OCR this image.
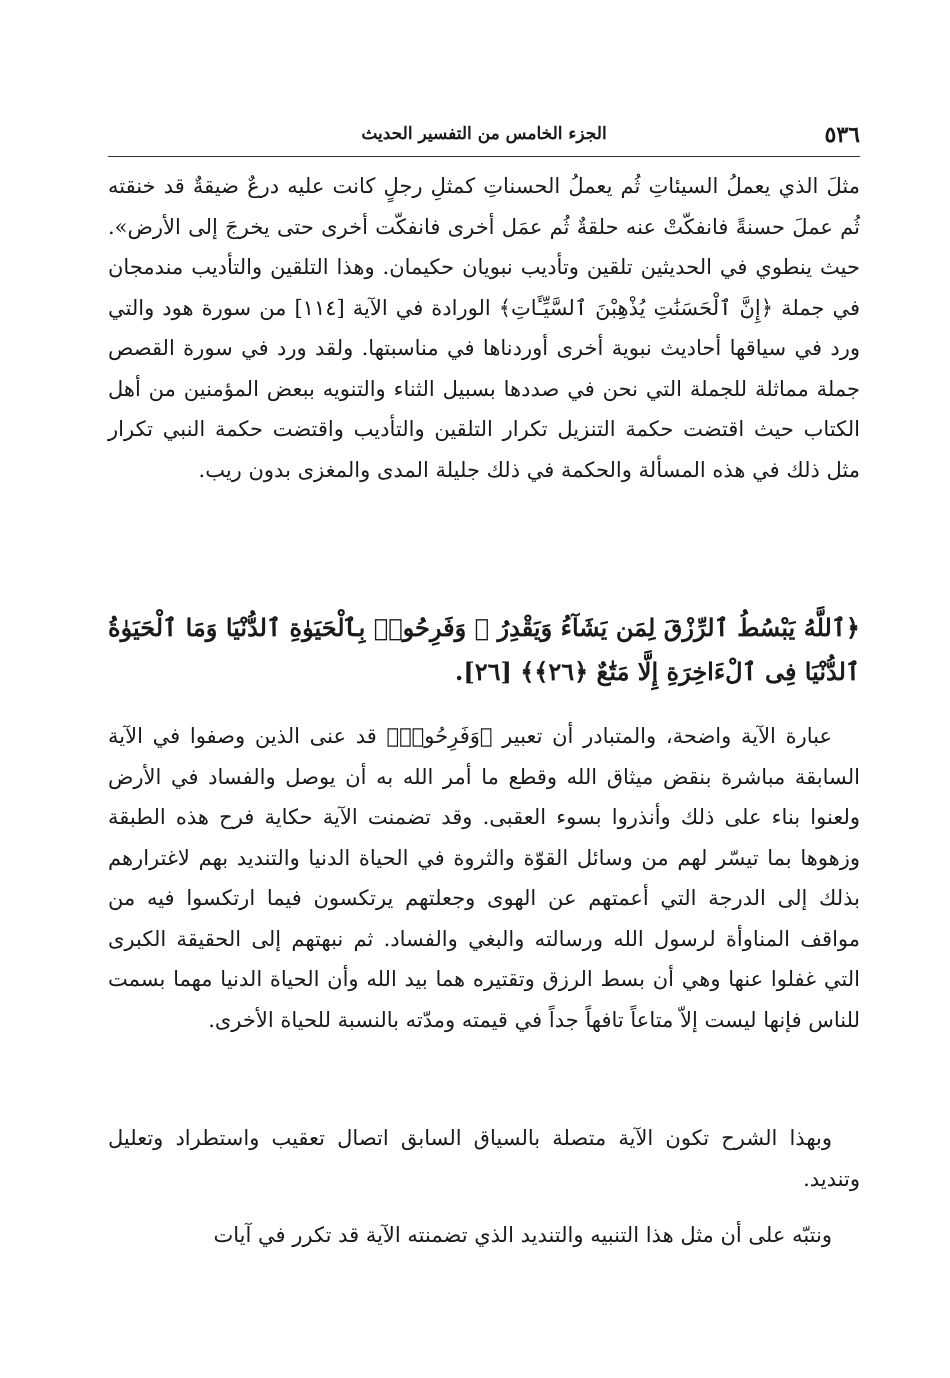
٥٣٦
الجزء الخامس من التفسير الحديث

مثلَ الذي يعملُ السيئاتِ ثُم يعملُ الحسناتِ كمثلِ رجلٍ كانت عليه درعٌ ضيقةٌ قد خنقته ثُم عملَ حسنةً فانفكّتْ عنه حلقةٌ ثُم عمَل أخرى فانفكّت أخرى حتى يخرجَ إلى الأرض». حيث ينطوي في الحديثين تلقين وتأديب نبويان حكيمان. وهذا التلقين والتأديب مندمجان في جملة ﴿إِنَّ ٱلْحَسَنَٰتِ يُذْهِبْنَ ٱلسَّيِّـَٔاتِ﴾ الورادة في الآية [١١٤] من سورة هود والتي ورد في سياقها أحاديث نبوية أخرى أوردناها في مناسبتها. ولقد ورد في سورة القصص جملة مماثلة للجملة التي نحن في صددها بسبيل الثناء والتنويه ببعض المؤمنين من أهل الكتاب حيث اقتضت حكمة التنزيل تكرار التلقين والتأديب واقتضت حكمة النبي تكرار مثل ذلك في هذه المسألة والحكمة في ذلك جليلة المدى والمغزى بدون ريب.

﴿ٱللَّهُ يَبْسُطُ ٱلرِّزْقَ لِمَن يَشَآءُ وَيَقْدِرُ ۚ وَفَرِحُوا۟ بِٱلْحَيَوٰةِ ٱلدُّنْيَا وَمَا ٱلْحَيَوٰةُ ٱلدُّنْيَا فِى ٱلْءَاخِرَةِ إِلَّا مَتَٰعٌ ﴿٢٦﴾﴾ [٢٦].

عبارة الآية واضحة، والمتبادر أن تعبير ﴿وَفَرِحُوا۟﴾ قد عنى الذين وصفوا في الآية السابقة مباشرة بنقض ميثاق الله وقطع ما أمر الله به أن يوصل والفساد في الأرض ولعنوا بناء على ذلك وأنذروا بسوء العقبى. وقد تضمنت الآية حكاية فرح هذه الطبقة وزهوها بما تيسّر لهم من وسائل القوّة والثروة في الحياة الدنيا والتنديد بهم لاغترارهم بذلك إلى الدرجة التي أعمتهم عن الهوى وجعلتهم يرتكسون فيما ارتكسوا فيه من مواقف المناوأة لرسول الله ورسالته والبغي والفساد. ثم نبهتهم إلى الحقيقة الكبرى التي غفلوا عنها وهي أن بسط الرزق وتقتيره هما بيد الله وأن الحياة الدنيا مهما بسمت للناس فإنها ليست إلاّ متاعاً تافهاً جداً في قيمته ومدّته بالنسبة للحياة الأخرى.

وبهذا الشرح تكون الآية متصلة بالسياق السابق اتصال تعقيب واستطراد وتعليل وتنديد.

ونتبّه على أن مثل هذا التنبيه والتنديد الذي تضمنته الآية قد تكرر في آيات
